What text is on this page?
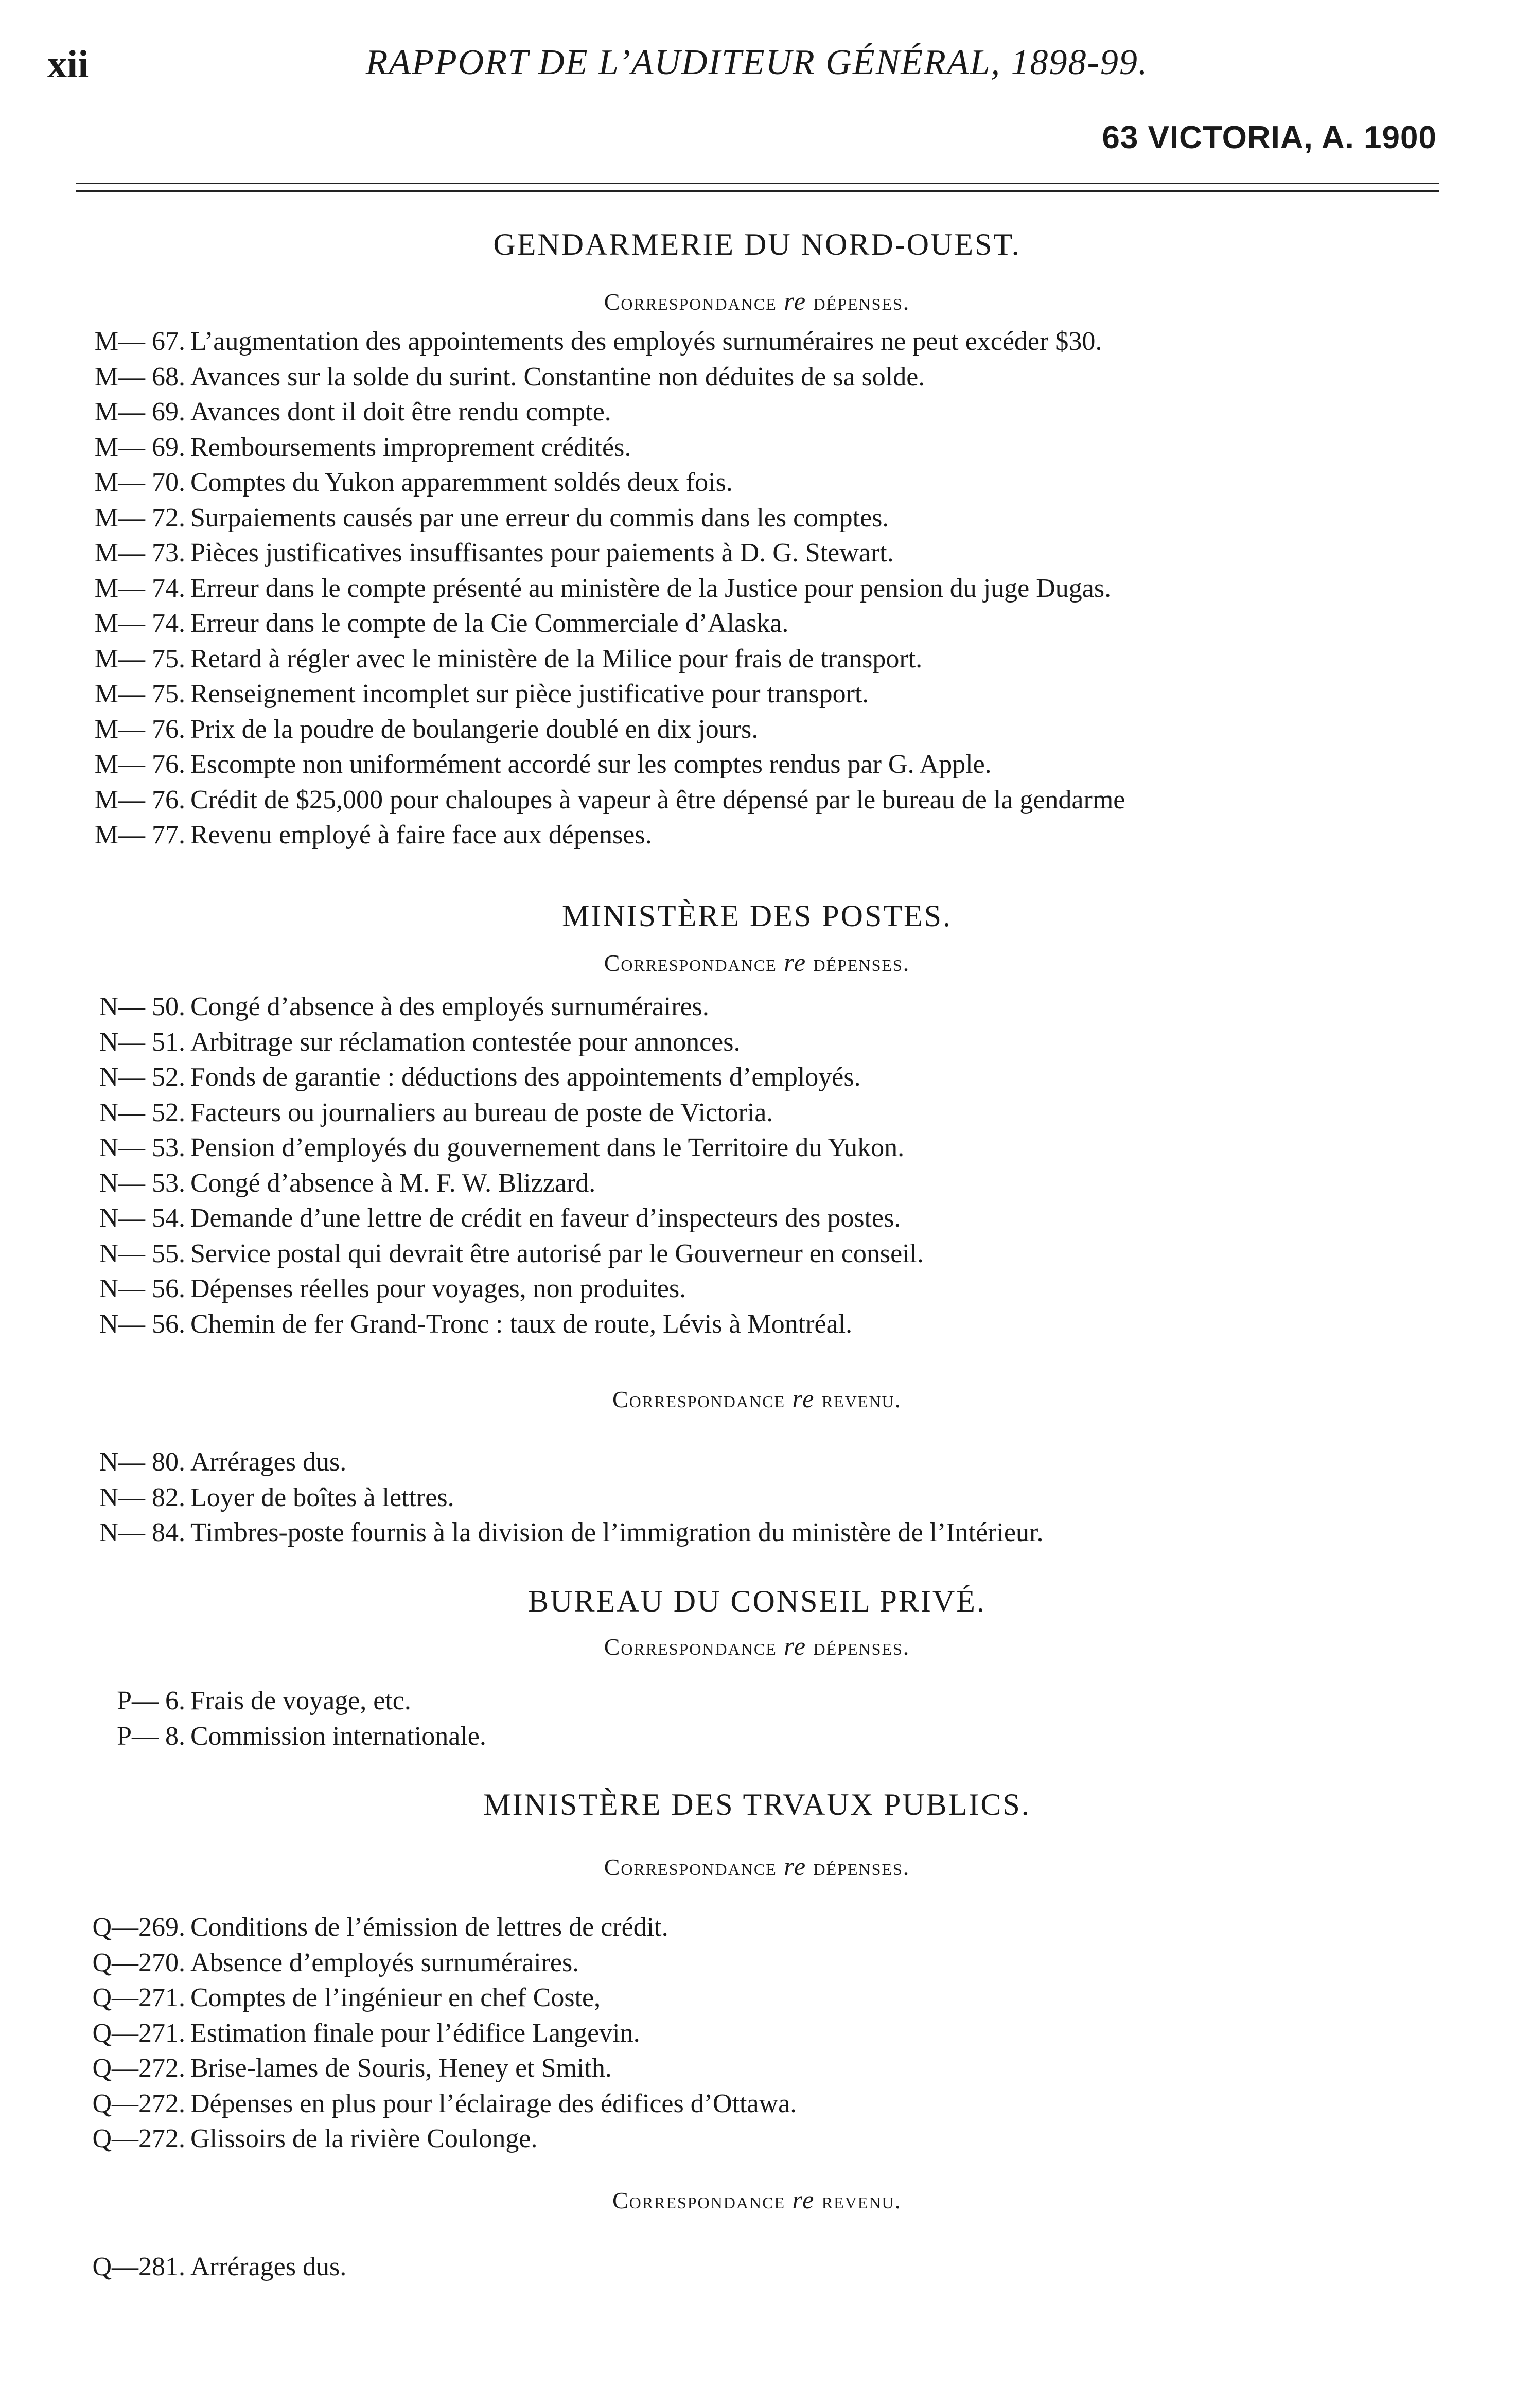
xii	RAPPORT DE L’AUDITEUR GÉNÉRAL, 1898-99.
63 VICTORIA, A. 1900
GENDARMERIE DU NORD-OUEST.
Correspondance re dépenses.
M— 67. L’augmentation des appointements des employés surnuméraires ne peut excéder $30.
M— 68. Avances sur la solde du surint. Constantine non déduites de sa solde.
M— 69. Avances dont il doit être rendu compte.
M— 69. Remboursements improprement crédités.
M— 70. Comptes du Yukon apparemment soldés deux fois.
M— 72. Surpaiements causés par une erreur du commis dans les comptes.
M— 73. Pièces justificatives insuffisantes pour paiements à D. G. Stewart.
M— 74. Erreur dans le compte présenté au ministère de la Justice pour pension du juge Dugas.
M— 74. Erreur dans le compte de la Cie Commerciale d’Alaska.
M— 75. Retard à régler avec le ministère de la Milice pour frais de transport.
M— 75. Renseignement incomplet sur pièce justificative pour transport.
M— 76. Prix de la poudre de boulangerie doublé en dix jours.
M— 76. Escompte non uniformément accordé sur les comptes rendus par G. Apple.
M— 76. Crédit de $25,000 pour chaloupes à vapeur à être dépensé par le bureau de la gendarme
M— 77. Revenu employé à faire face aux dépenses.
MINISTÈRE DES POSTES.
Correspondance re dépenses.
N— 50. Congé d’absence à des employés surnuméraires.
N— 51. Arbitrage sur réclamation contestée pour annonces.
N— 52. Fonds de garantie : déductions des appointements d’employés.
N— 52. Facteurs ou journaliers au bureau de poste de Victoria.
N— 53. Pension d’employés du gouvernement dans le Territoire du Yukon.
N— 53. Congé d’absence à M. F. W. Blizzard.
N— 54. Demande d’une lettre de crédit en faveur d’inspecteurs des postes.
N— 55. Service postal qui devrait être autorisé par le Gouverneur en conseil.
N— 56. Dépenses réelles pour voyages, non produites.
N— 56. Chemin de fer Grand-Tronc : taux de route, Lévis à Montréal.
Correspondance re revenu.
N— 80. Arrérages dus.
N— 82. Loyer de boîtes à lettres.
N— 84. Timbres-poste fournis à la division de l’immigration du ministère de l’Intérieur.
BUREAU DU CONSEIL PRIVÉ.
Correspondance re dépenses.
P— 6. Frais de voyage, etc.
P— 8. Commission internationale.
MINISTÈRE DES TRVAUX PUBLICS.
Correspondance re dépenses.
Q—269. Conditions de l’émission de lettres de crédit.
Q—270. Absence d’employés surnuméraires.
Q—271. Comptes de l’ingénieur en chef Coste,
Q—271. Estimation finale pour l’édifice Langevin.
Q—272. Brise-lames de Souris, Heney et Smith.
Q—272. Dépenses en plus pour l’éclairage des édifices d’Ottawa.
Q—272. Glissoirs de la rivière Coulonge.
Correspondance re revenu.
Q—281. Arrérages dus.
